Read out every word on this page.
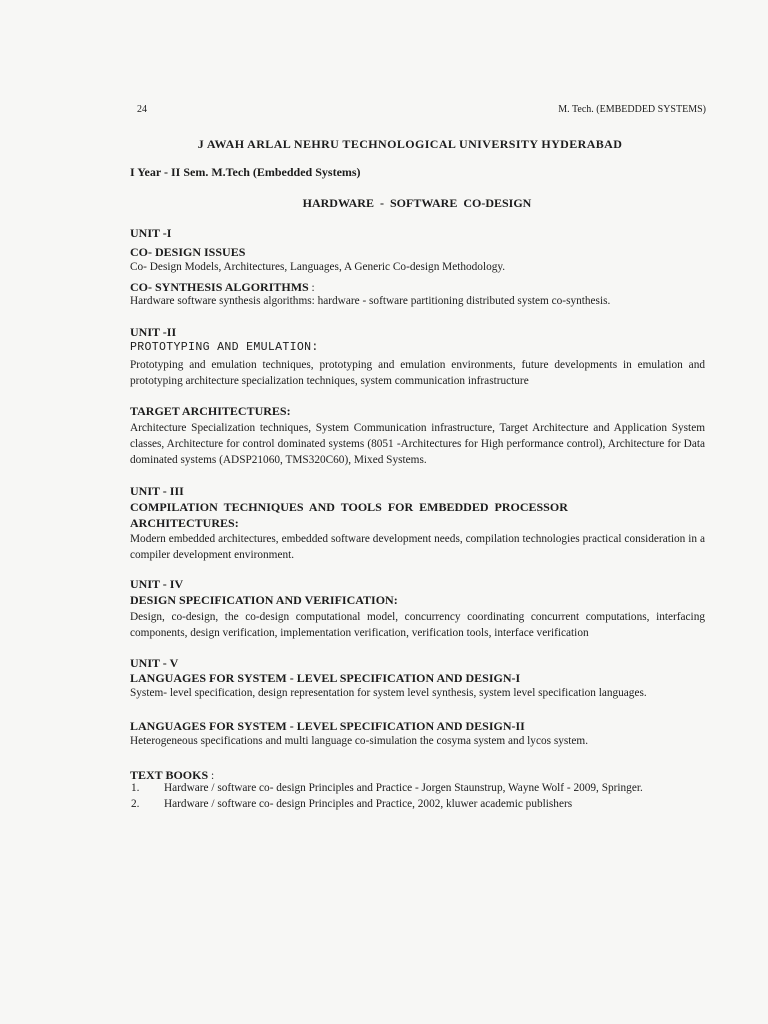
24	M. Tech. (EMBEDDED SYSTEMS)
J AWAH ARLAL NEHRU TECHNOLOGICAL UNIVERSITY HYDERABAD
I Year - II Sem. M.Tech (Embedded Systems)
HARDWARE - SOFTWARE CO-DESIGN
UNIT -I
CO- DESIGN ISSUES
Co- Design Models, Architectures, Languages, A Generic Co-design Methodology.
CO- SYNTHESIS ALGORITHMS :
Hardware software synthesis algorithms: hardware - software partitioning distributed system co-synthesis.
UNIT -II
PROTOTYPING AND EMULATION:
Prototyping and emulation techniques, prototyping and emulation environments, future developments in emulation and prototyping architecture specialization techniques, system communication infrastructure
TARGET ARCHITECTURES:
Architecture Specialization techniques, System Communication infrastructure, Target Architecture and Application System classes, Architecture for control dominated systems (8051 -Architectures for High performance control), Architecture for Data dominated systems (ADSP21060, TMS320C60), Mixed Systems.
UNIT - III
COMPILATION TECHNIQUES AND TOOLS FOR EMBEDDED PROCESSOR ARCHITECTURES:
Modern embedded architectures, embedded software development needs, compilation technologies practical consideration in a compiler development environment.
UNIT - IV
DESIGN SPECIFICATION AND VERIFICATION:
Design, co-design, the co-design computational model, concurrency coordinating concurrent computations, interfacing components, design verification, implementation verification, verification tools, interface verification
UNIT - V
LANGUAGES FOR SYSTEM - LEVEL SPECIFICATION AND DESIGN-I
System- level specification, design representation for system level synthesis, system level specification languages.
LANGUAGES FOR SYSTEM - LEVEL SPECIFICATION AND DESIGN-II
Heterogeneous specifications and multi language co-simulation the cosyma system and lycos system.
TEXT BOOKS :
1. Hardware / software co- design Principles and Practice - Jorgen Staunstrup, Wayne Wolf - 2009, Springer.
2. Hardware / software co- design Principles and Practice, 2002, kluwer academic publishers
